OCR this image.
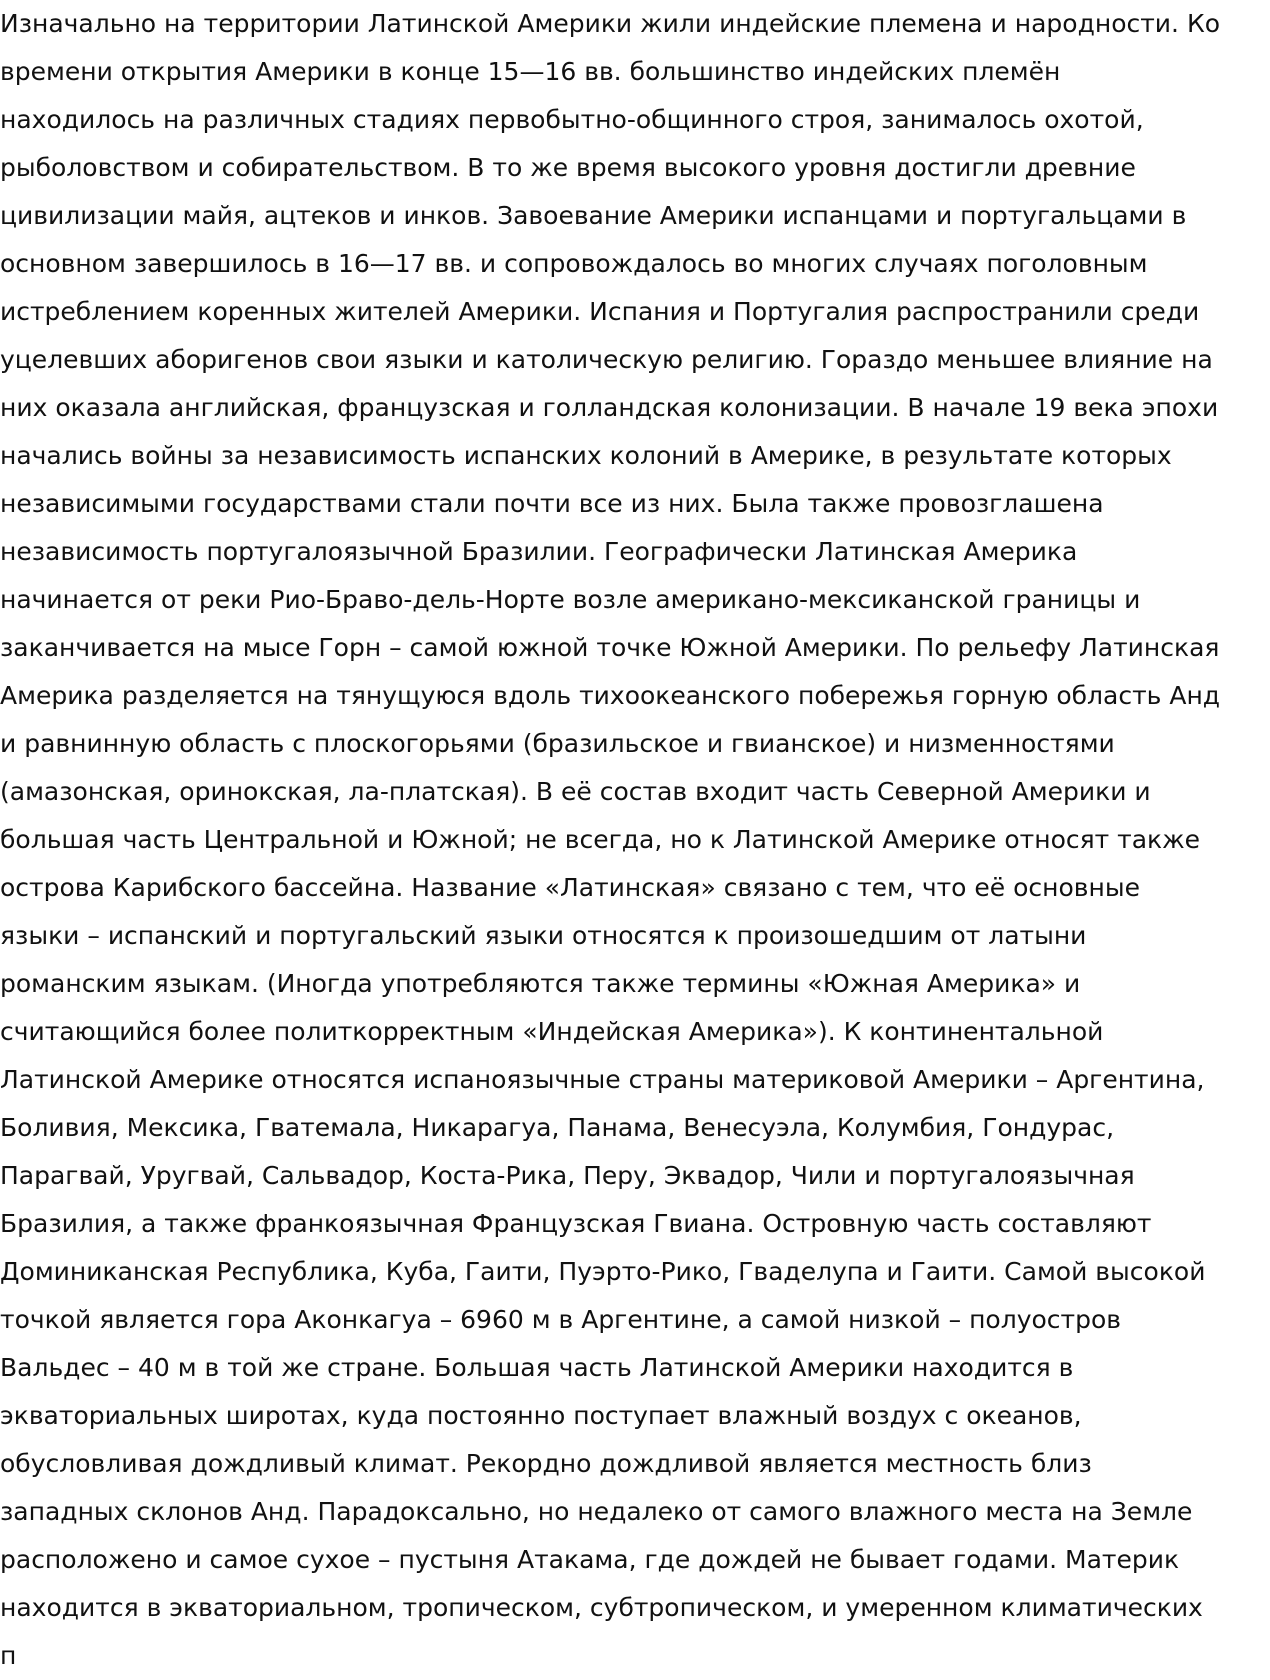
Изначально на территории Латинской Америки жили индейские племена и народности. Ко
времени открытия Америки в конце 15—16 вв. большинство индейских племён
находилось на различных стадиях первобытно-общинного строя, занималось охотой,
рыболовством и собирательством. В то же время высокого уровня достигли древние
цивилизации майя, ацтеков и инков. Завоевание Америки испанцами и португальцами в
основном завершилось в 16—17 вв. и сопровождалось во многих случаях поголовным
истреблением коренных жителей Америки. Испания и Португалия распространили среди
уцелевших аборигенов свои языки и католическую религию. Гораздо меньшее влияние на
них оказала английская, французская и голландская колонизации. В начале 19 века эпохи
начались войны за независимость испанских колоний в Америке, в результате которых
независимыми государствами стали почти все из них. Была также провозглашена
независимость португалоязычной Бразилии. Географически Латинская Америка
начинается от реки Рио-Браво-дель-Норте возле американо-мексиканской границы и
заканчивается на мысе Горн – самой южной точке Южной Америки. По рельефу Латинская
Америка разделяется на тянущуюся вдоль тихоокеанского побережья горную область Анд
и равнинную область с плоскогорьями (бразильское и гвианское) и низменностями
(амазонская, оринокская, ла-платская). В её состав входит часть Северной Америки и
большая часть Центральной и Южной; не всегда, но к Латинской Америке относят также
острова Карибского бассейна. Название «Латинская» связано с тем, что её основные
языки – испанский и португальский языки относятся к произошедшим от латыни
романским языкам. (Иногда употребляются также термины «Южная Америка» и
считающийся более политкорректным «Индейская Америка»). К континентальной
Латинской Америке относятся испаноязычные страны материковой Америки – Аргентина,
Боливия, Мексика, Гватемала, Никарагуа, Панама, Венесуэла, Колумбия, Гондурас,
Парагвай, Уругвай, Сальвадор, Коста-Рика, Перу, Эквадор, Чили и португалоязычная
Бразилия, а также франкоязычная Французская Гвиана. Островную часть составляют
Доминиканская Республика, Куба, Гаити, Пуэрто-Рико, Гваделупа и Гаити. Самой высокой
точкой является гора Аконкагуа – 6960 м в Аргентине, а самой низкой – полуостров
Вальдес – 40 м в той же стране. Большая часть Латинской Америки находится в
экваториальных широтах, куда постоянно поступает влажный воздух с океанов,
обусловливая дождливый климат. Рекордно дождливой является местность близ
западных склонов Анд. Парадоксально, но недалеко от самого влажного места на Земле
расположено и самое сухое – пустыня Атакама, где дождей не бывает годами. Материк
находится в экваториальном, тропическом, субтропическом, и умеренном климатических
п
